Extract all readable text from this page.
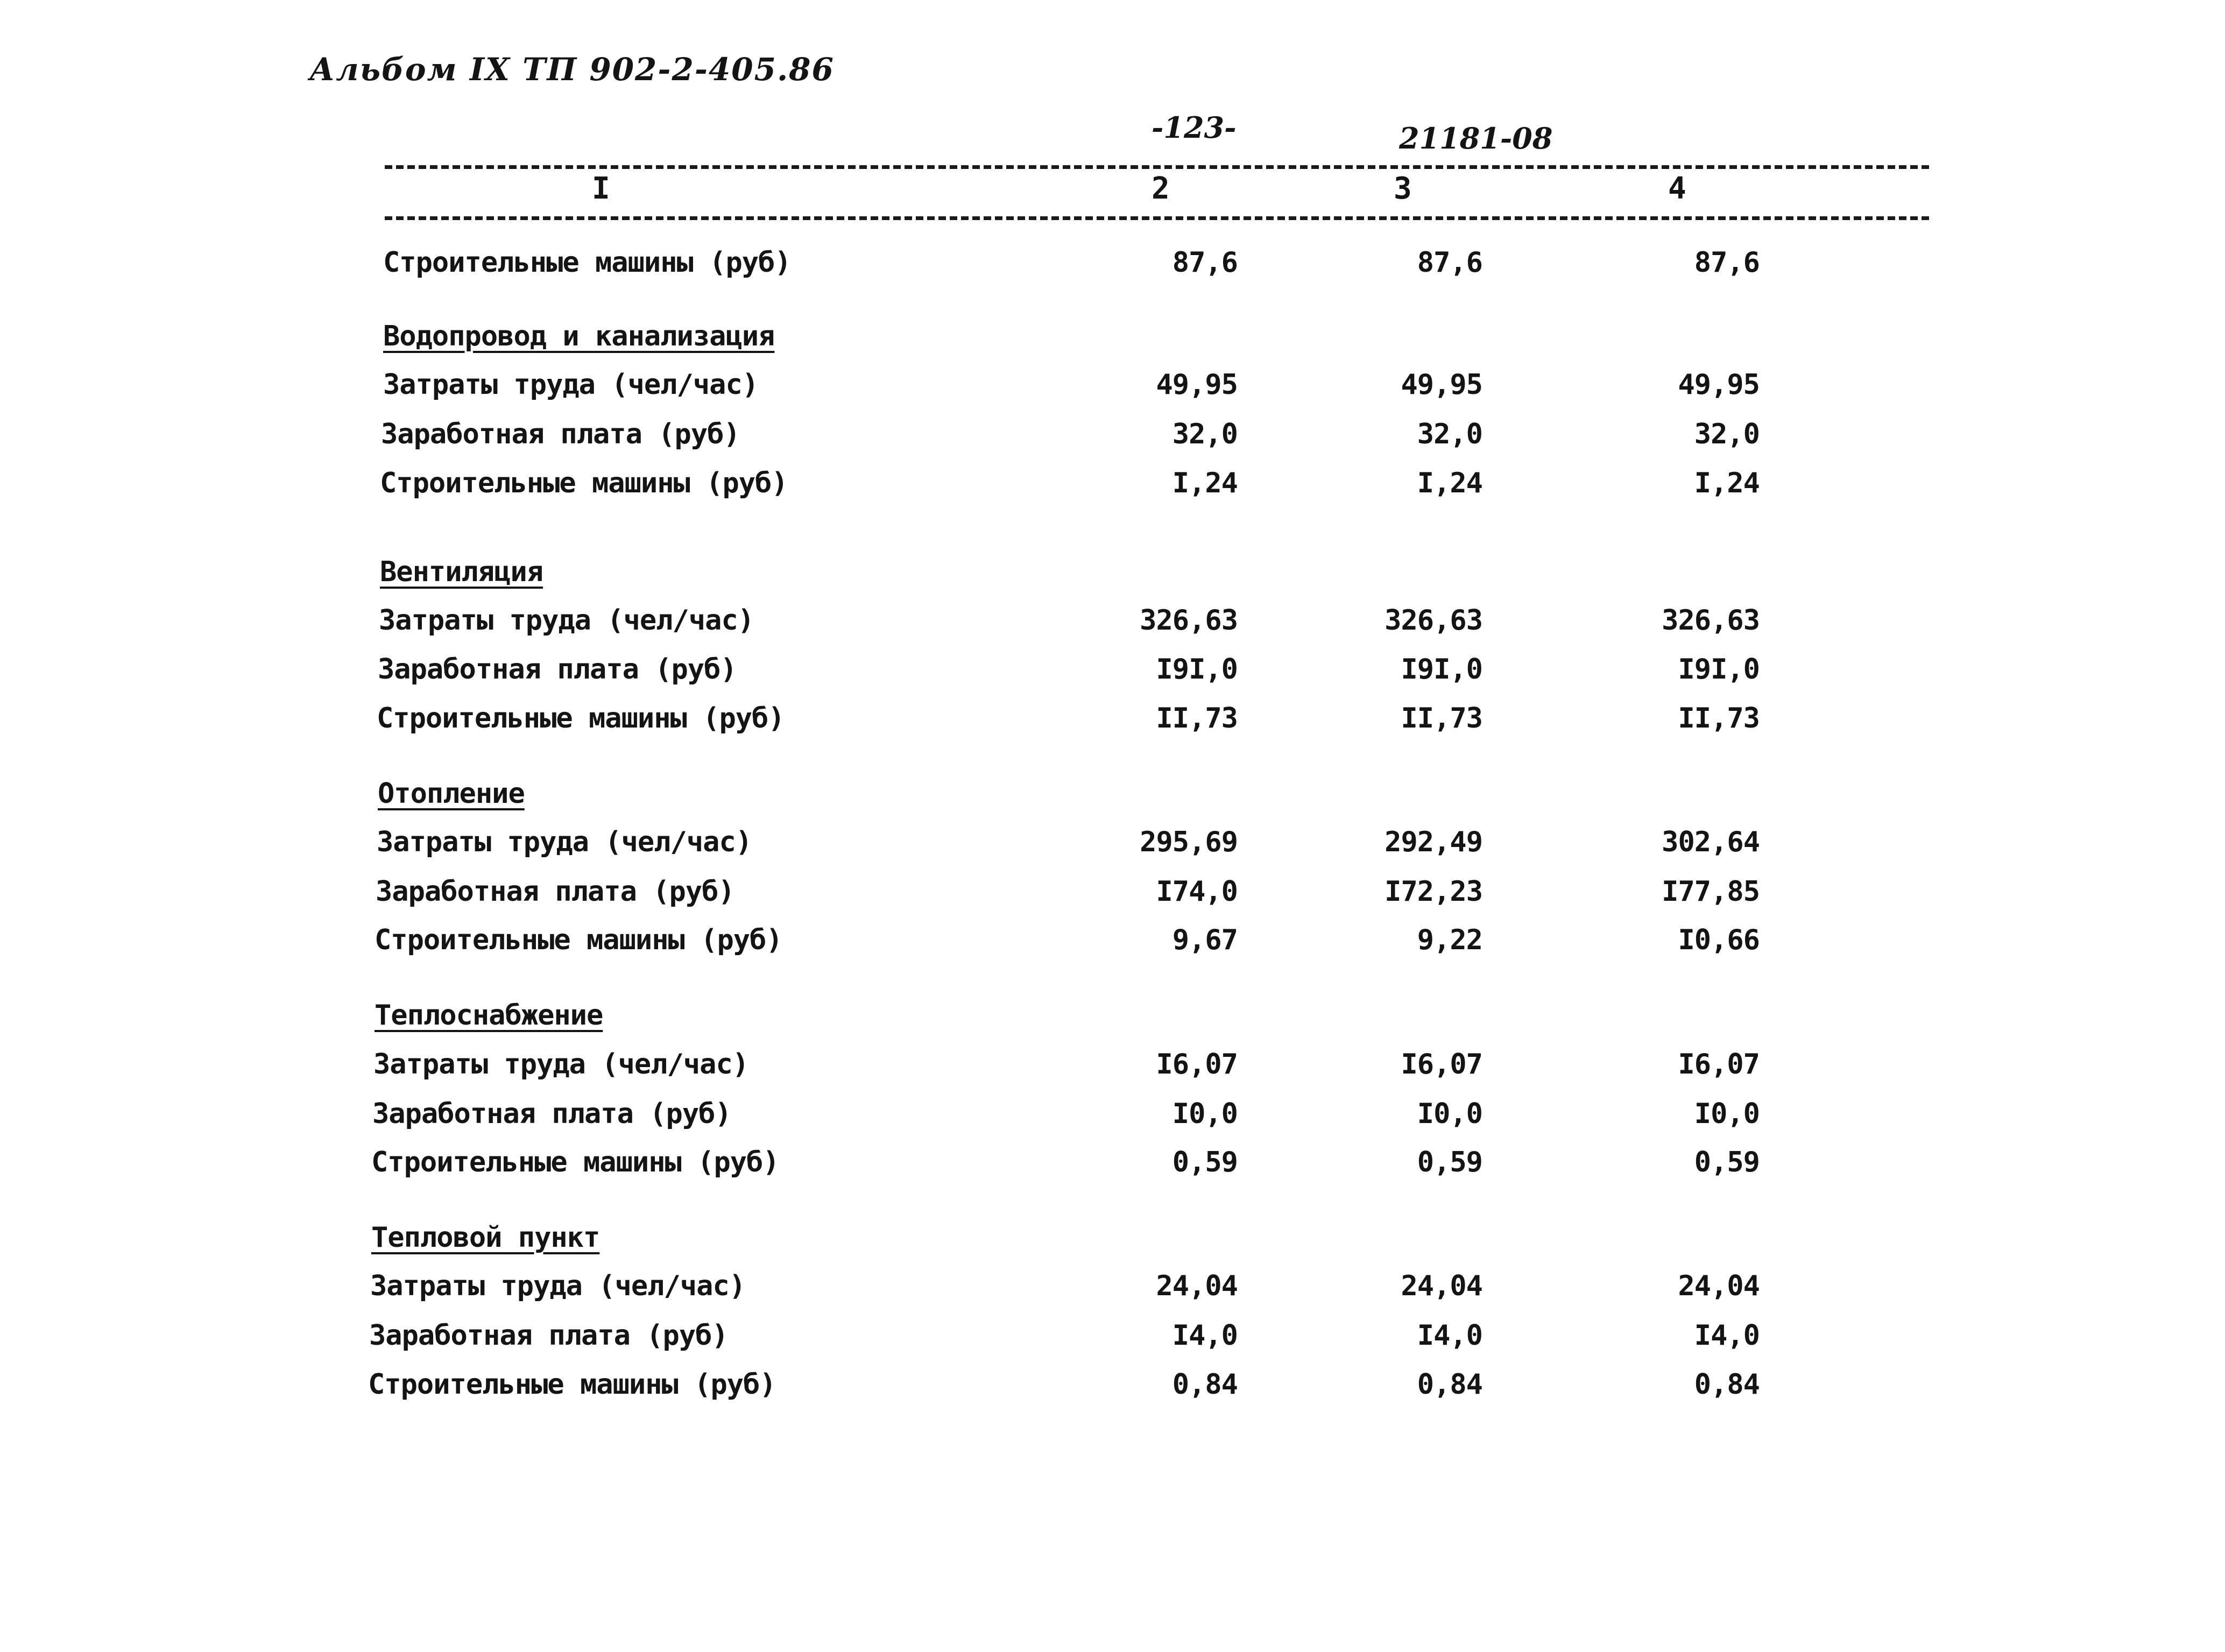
Альбом IX ТП 902-2-405.86
-123-	21181-08
I	2	3	4
Строительные машины (руб)	87,6	87,6	87,6
Водопровод и канализация
Затраты труда (чел/час)	49,95	49,95	49,95
Заработная плата (руб)	32,0	32,0	32,0
Строительные машины (руб)	I,24	I,24	I,24
Вентиляция
Затраты труда (чел/час)	326,63	326,63	326,63
Заработная плата (руб)	I9I,0	I9I,0	I9I,0
Строительные машины (руб)	II,73	II,73	II,73
Отопление
Затраты труда (чел/час)	295,69	292,49	302,64
Заработная плата (руб)	I74,0	I72,23	I77,85
Строительные машины (руб)	9,67	9,22	I0,66
Теплоснабжение
Затраты труда (чел/час)	I6,07	I6,07	I6,07
Заработная плата (руб)	I0,0	I0,0	I0,0
Строительные машины (руб)	0,59	0,59	0,59
Тепловой пункт
Затраты труда (чел/час)	24,04	24,04	24,04
Заработная плата (руб)	I4,0	I4,0	I4,0
Строительные машины (руб)	0,84	0,84	0,84
